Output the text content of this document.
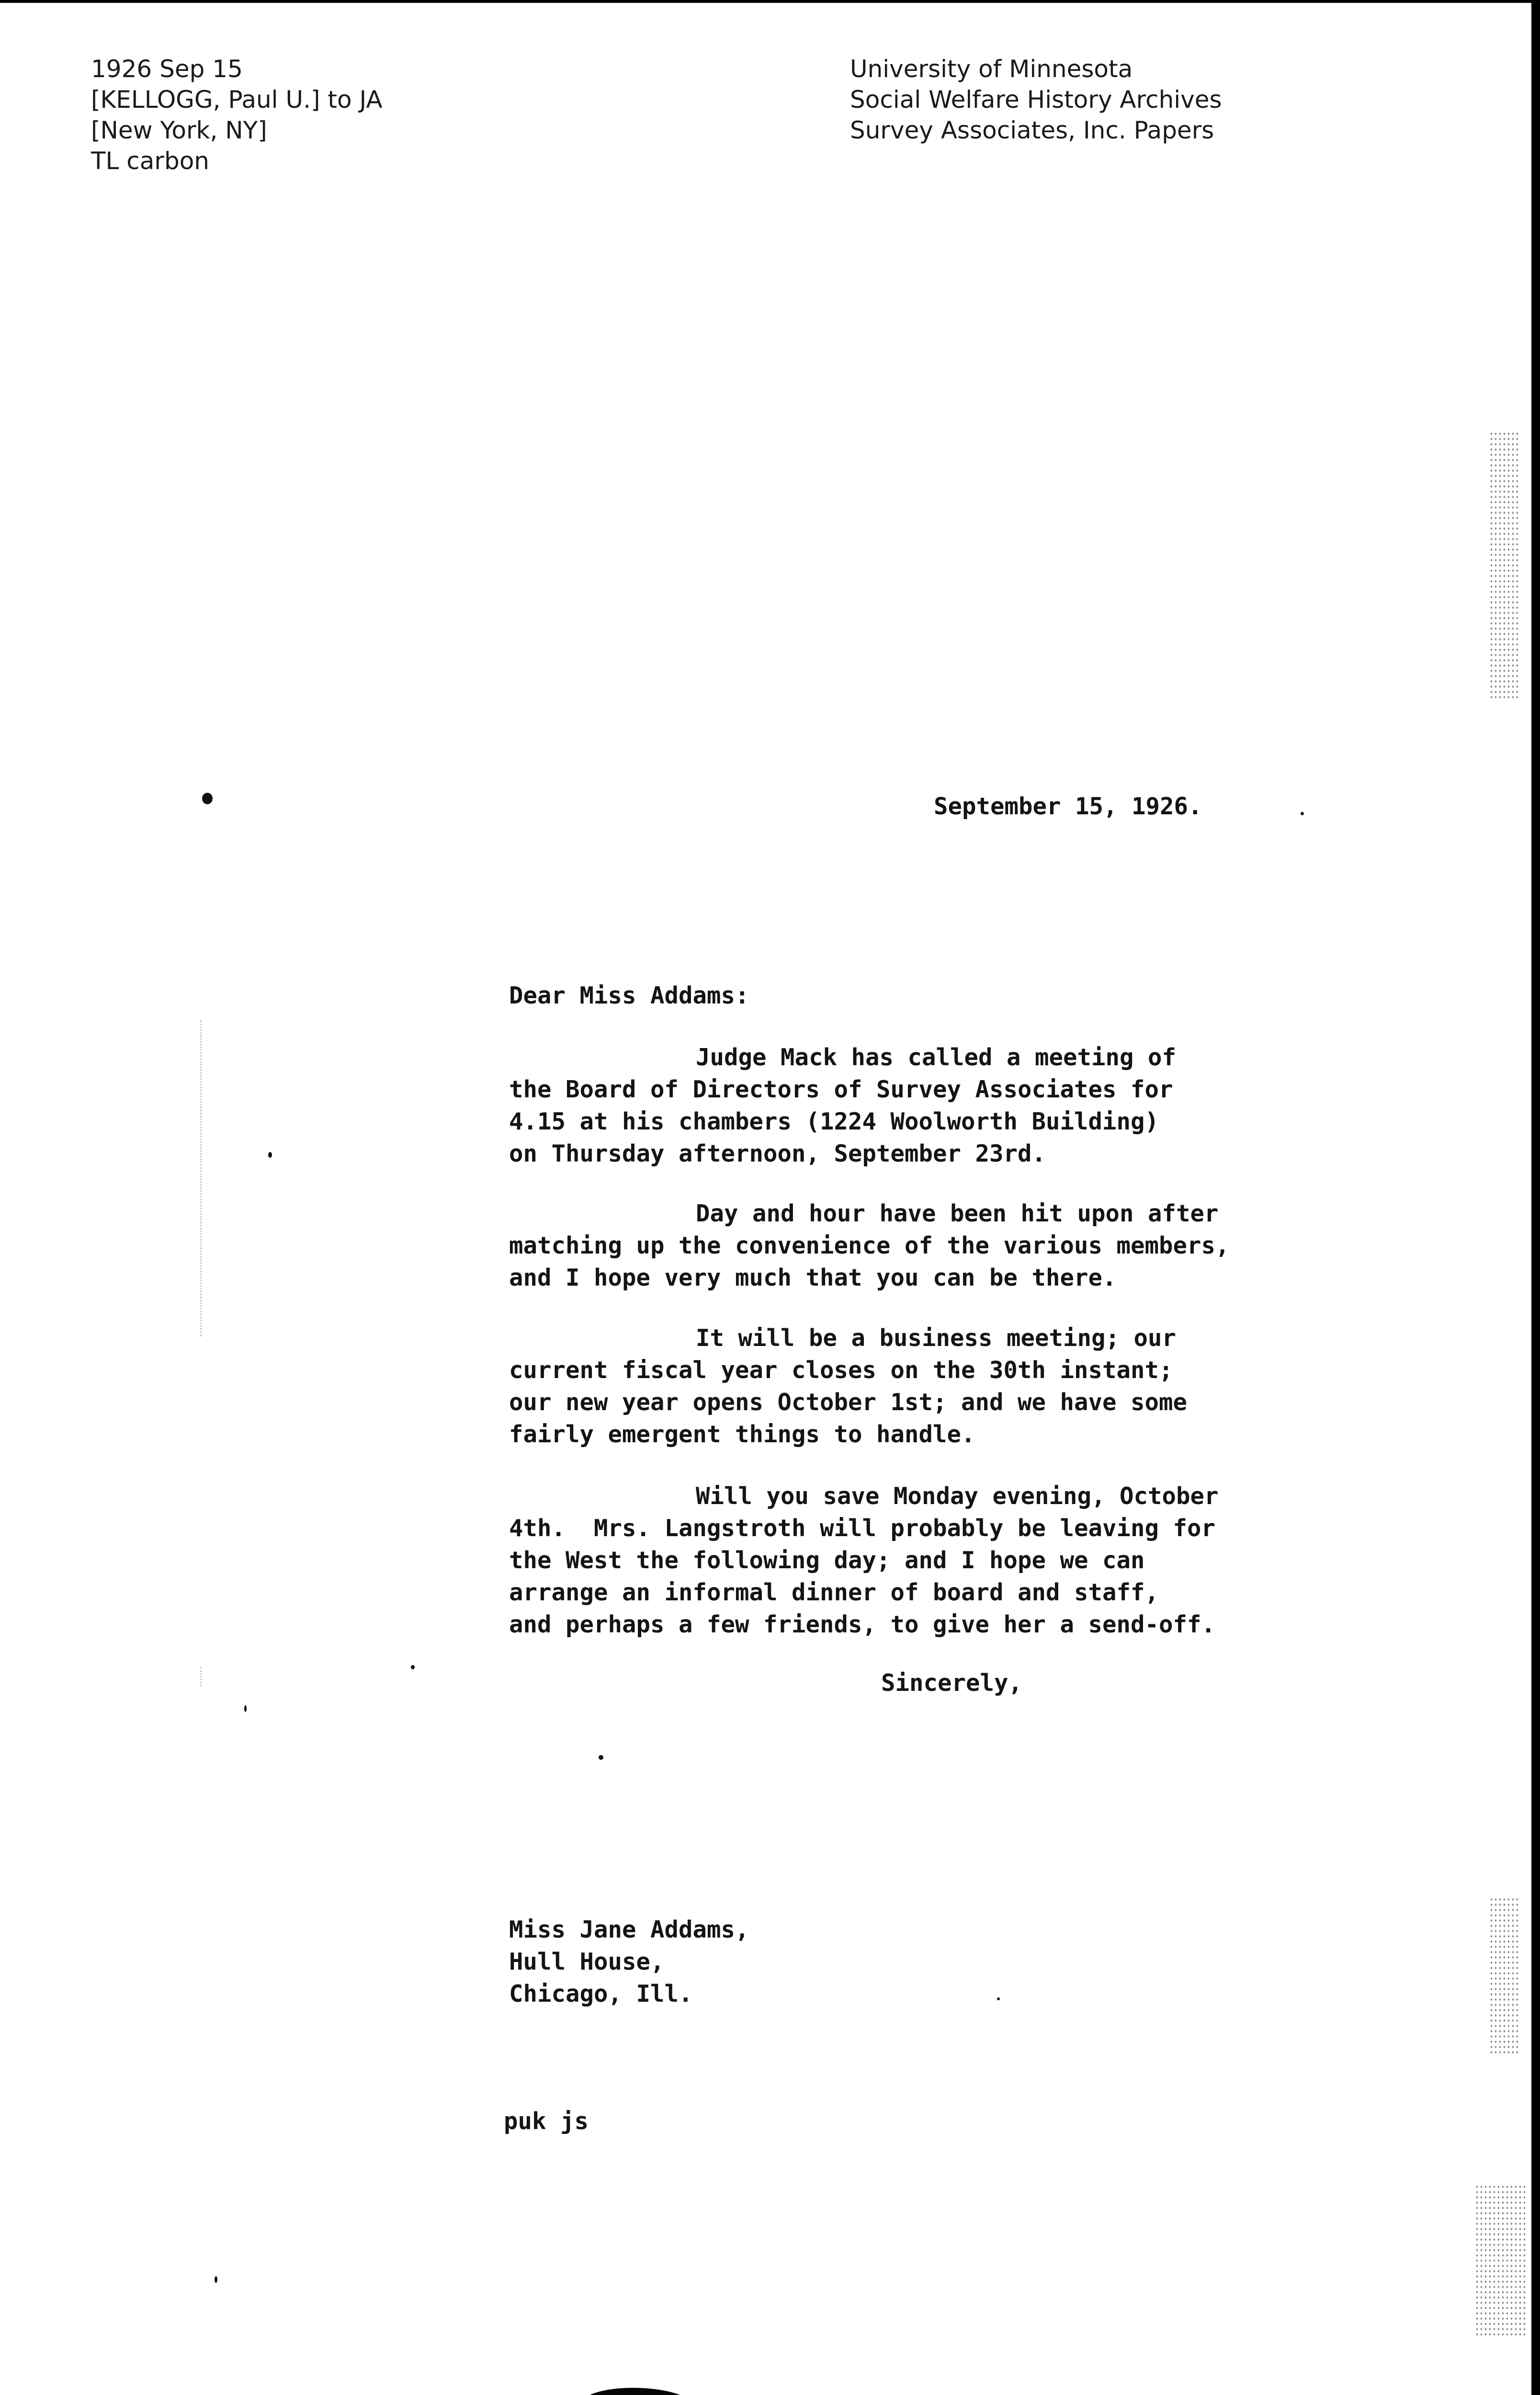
1926 Sep 15
[KELLOGG, Paul U.] to JA
[New York, NY]
TL carbon
University of Minnesota
Social Welfare History Archives
Survey Associates, Inc. Papers
September 15, 1926.
Dear Miss Addams:
Judge Mack has called a meeting of
the Board of Directors of Survey Associates for
4.15 at his chambers (1224 Woolworth Building)
on Thursday afternoon, September 23rd.
Day and hour have been hit upon after
matching up the convenience of the various members,
and I hope very much that you can be there.
It will be a business meeting; our
current fiscal year closes on the 30th instant;
our new year opens October 1st; and we have some
fairly emergent things to handle.
Will you save Monday evening, October
4th.  Mrs. Langstroth will probably be leaving for
the West the following day; and I hope we can
arrange an informal dinner of board and staff,
and perhaps a few friends, to give her a send-off.
Sincerely,
Miss Jane Addams,
Hull House,
Chicago, Ill.
puk js
